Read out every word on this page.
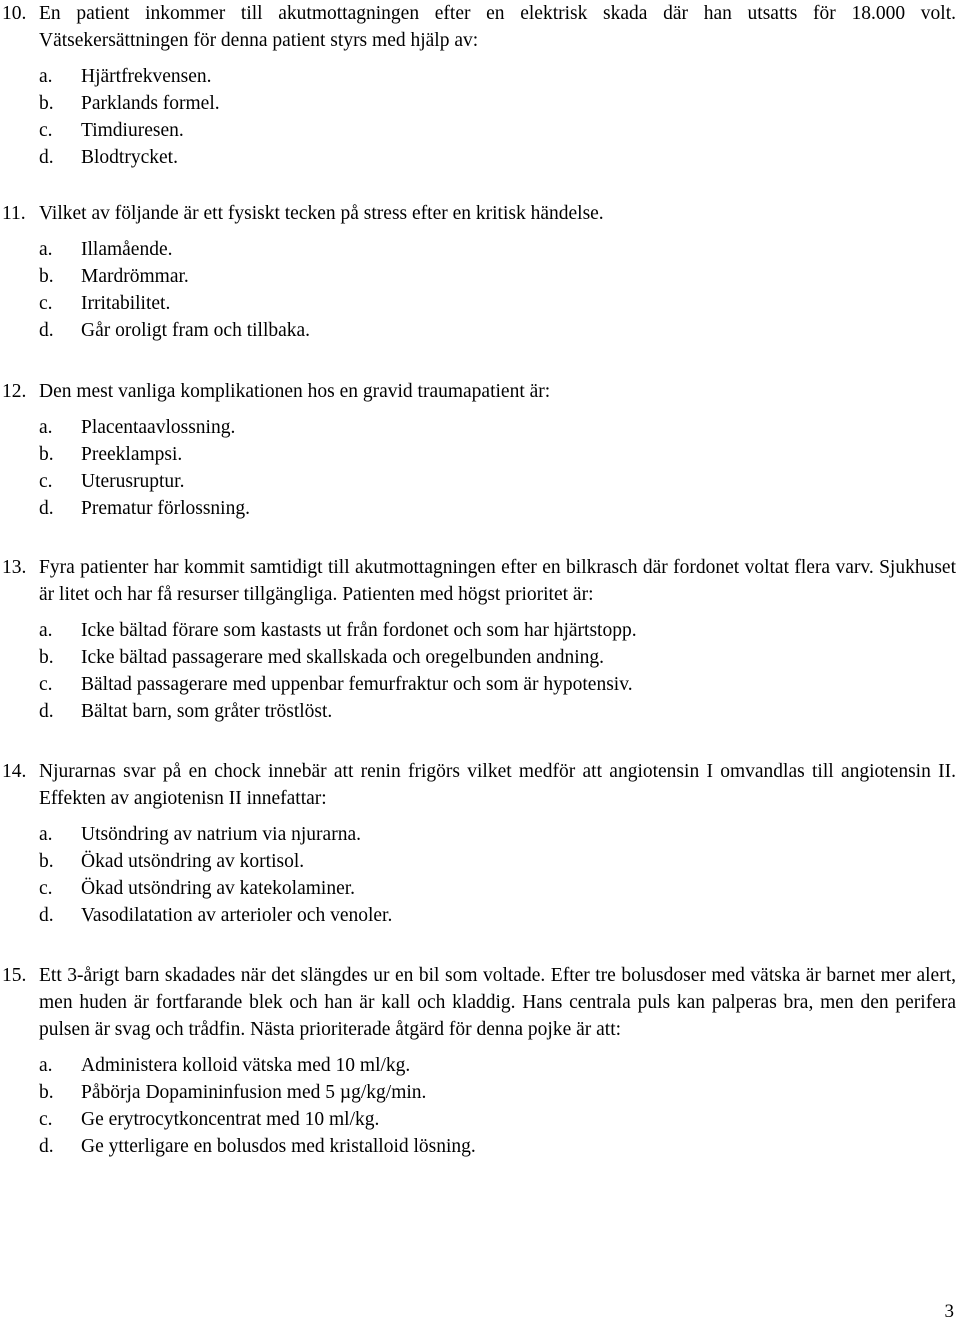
10. En patient inkommer till akutmottagningen efter en elektrisk skada där han utsatts för 18.000 volt. Vätsekersättningen för denna patient styrs med hjälp av:
a. Hjärtfrekvensen.
b. Parklands formel.
c. Timdiuresen.
d. Blodtrycket.
11. Vilket av följande är ett fysiskt tecken på stress efter en kritisk händelse.
a. Illamående.
b. Mardrömmar.
c. Irritabilitet.
d. Går oroligt fram och tillbaka.
12. Den mest vanliga komplikationen hos en gravid traumapatient är:
a. Placentaavlossning.
b. Preeklampsi.
c. Uterusruptur.
d. Prematur förlossning.
13. Fyra patienter har kommit samtidigt till akutmottagningen efter en bilkrasch där fordonet voltat flera varv. Sjukhuset är litet och har få resurser tillgängliga. Patienten med högst prioritet är:
a. Icke bältad förare som kastasts ut från fordonet och som har hjärtstopp.
b. Icke bältad passagerare med skallskada och oregelbunden andning.
c. Bältad passagerare med uppenbar femurfraktur och som är hypotensiv.
d. Bältat barn, som gråter tröstlöst.
14. Njurarnas svar på en chock innebär att renin frigörs vilket medför att angiotensin I omvandlas till angiotensin II. Effekten av angiotenisn II innefattar:
a. Utsöndring av natrium via njurarna.
b. Ökad utsöndring av kortisol.
c. Ökad utsöndring av katekolaminer.
d. Vasodilatation av arterioler och venoler.
15. Ett 3-årigt barn skadades när det slängdes ur en bil som voltade. Efter tre bolusdoser med vätska är barnet mer alert, men huden är fortfarande blek och han är kall och kladdig. Hans centrala puls kan palperas bra, men den perifera pulsen är svag och trådfin. Nästa prioriterade åtgärd för denna pojke är att:
a. Administera kolloid vätska med 10 ml/kg.
b. Påbörja Dopamininfusion med 5 µg/kg/min.
c. Ge erytrocytkoncentrat med 10 ml/kg.
d. Ge ytterligare en bolusdos med kristalloid lösning.
3
